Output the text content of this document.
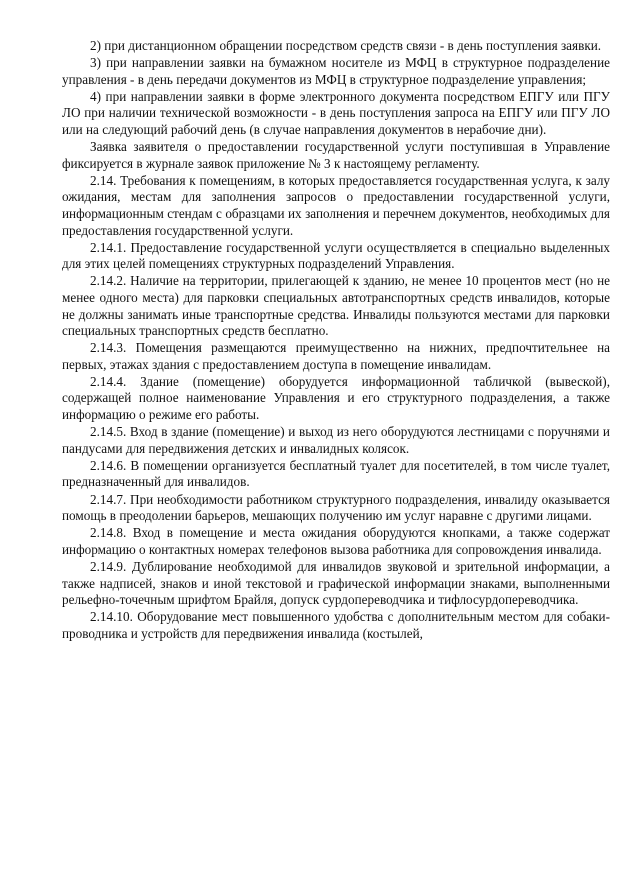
2) при дистанционном обращении посредством средств связи - в день поступления заявки.

3) при направлении заявки на бумажном носителе из МФЦ в структурное подразделение управления - в день передачи документов из МФЦ в структурное подразделение управления;

4) при направлении заявки в форме электронного документа посредством ЕПГУ или ПГУ ЛО при наличии технической возможности - в день поступления запроса на ЕПГУ или ПГУ ЛО или на следующий рабочий день (в случае направления документов в нерабочие дни).

Заявка заявителя о предоставлении государственной услуги поступившая в Управление фиксируется в журнале заявок приложение № 3 к настоящему регламенту.

2.14. Требования к помещениям, в которых предоставляется государственная услуга, к залу ожидания, местам для заполнения запросов о предоставлении государственной услуги, информационным стендам с образцами их заполнения и перечнем документов, необходимых для предоставления государственной услуги.

2.14.1. Предоставление государственной услуги осуществляется в специально выделенных для этих целей помещениях структурных подразделений Управления.

2.14.2. Наличие на территории, прилегающей к зданию, не менее 10 процентов мест (но не менее одного места) для парковки специальных автотранспортных средств инвалидов, которые не должны занимать иные транспортные средства. Инвалиды пользуются местами для парковки специальных транспортных средств бесплатно.

2.14.3. Помещения размещаются преимущественно на нижних, предпочтительнее на первых, этажах здания с предоставлением доступа в помещение инвалидам.

2.14.4. Здание (помещение) оборудуется информационной табличкой (вывеской), содержащей полное наименование Управления и его структурного подразделения, а также информацию о режиме его работы.

2.14.5. Вход в здание (помещение) и выход из него оборудуются лестницами с поручнями и пандусами для передвижения детских и инвалидных колясок.

2.14.6. В помещении организуется бесплатный туалет для посетителей, в том числе туалет, предназначенный для инвалидов.

2.14.7. При необходимости работником структурного подразделения, инвалиду оказывается помощь в преодолении барьеров, мешающих получению им услуг наравне с другими лицами.

2.14.8. Вход в помещение и места ожидания оборудуются кнопками, а также содержат информацию о контактных номерах телефонов вызова работника для сопровождения инвалида.

2.14.9. Дублирование необходимой для инвалидов звуковой и зрительной информации, а также надписей, знаков и иной текстовой и графической информации знаками, выполненными рельефно-точечным шрифтом Брайля, допуск сурдопереводчика и тифлосурдопереводчика.

2.14.10. Оборудование мест повышенного удобства с дополнительным местом для собаки-проводника и устройств для передвижения инвалида (костылей,
